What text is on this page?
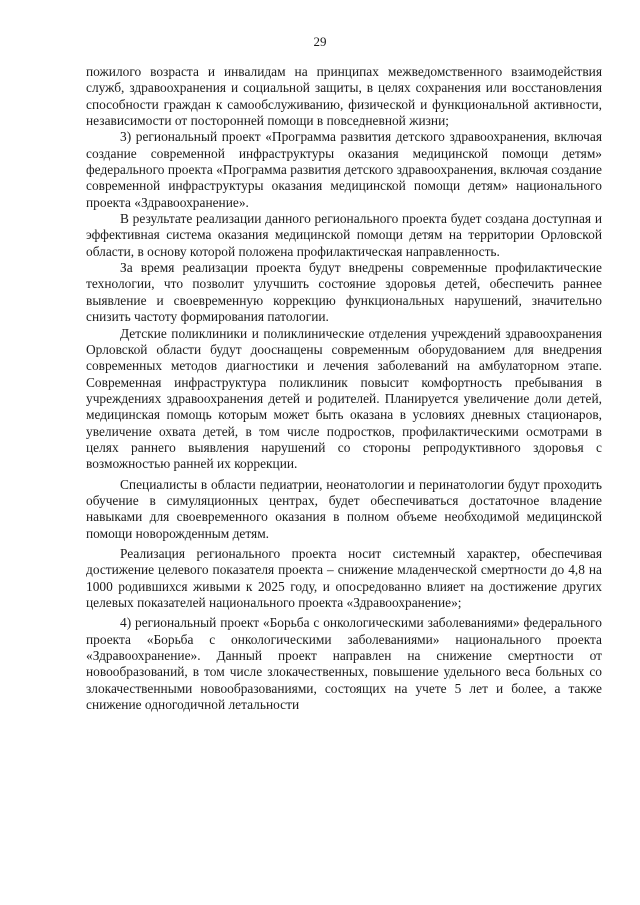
29

пожилого возраста и инвалидам на принципах межведомственного взаимодействия служб, здравоохранения и социальной защиты, в целях сохранения или восстановления способности граждан к самообслуживанию, физической и функциональной активности, независимости от посторонней помощи в повседневной жизни;

3) региональный проект «Программа развития детского здравоохранения, включая создание современной инфраструктуры оказания медицинской помощи детям» федерального проекта «Программа развития детского здравоохранения, включая создание современной инфраструктуры оказания медицинской помощи детям» национального проекта «Здравоохранение».

В результате реализации данного регионального проекта будет создана доступная и эффективная система оказания медицинской помощи детям на территории Орловской области, в основу которой положена профилактическая направленность.

За время реализации проекта будут внедрены современные профилактические технологии, что позволит улучшить состояние здоровья детей, обеспечить раннее выявление и своевременную коррекцию функциональных нарушений, значительно снизить частоту формирования патологии.

Детские поликлиники и поликлинические отделения учреждений здравоохранения Орловской области будут дооснащены современным оборудованием для внедрения современных методов диагностики и лечения заболеваний на амбулаторном этапе. Современная инфраструктура поликлиник повысит комфортность пребывания в учреждениях здравоохранения детей и родителей. Планируется увеличение доли детей, медицинская помощь которым может быть оказана в условиях дневных стационаров, увеличение охвата детей, в том числе подростков, профилактическими осмотрами в целях раннего выявления нарушений со стороны репродуктивного здоровья с возможностью ранней их коррекции.

Специалисты в области педиатрии, неонатологии и перинатологии будут проходить обучение в симуляционных центрах, будет обеспечиваться достаточное владение навыками для своевременного оказания в полном объеме необходимой медицинской помощи новорожденным детям.

Реализация регионального проекта носит системный характер, обеспечивая достижение целевого показателя проекта – снижение младенческой смертности до 4,8 на 1000 родившихся живыми к 2025 году, и опосредованно влияет на достижение других целевых показателей национального проекта «Здравоохранение»;

4) региональный проект «Борьба с онкологическими заболеваниями» федерального проекта «Борьба с онкологическими заболеваниями» национального проекта «Здравоохранение». Данный проект направлен на снижение смертности от новообразований, в том числе злокачественных, повышение удельного веса больных со злокачественными новообразованиями, состоящих на учете 5 лет и более, а также снижение одногодичной летальности
